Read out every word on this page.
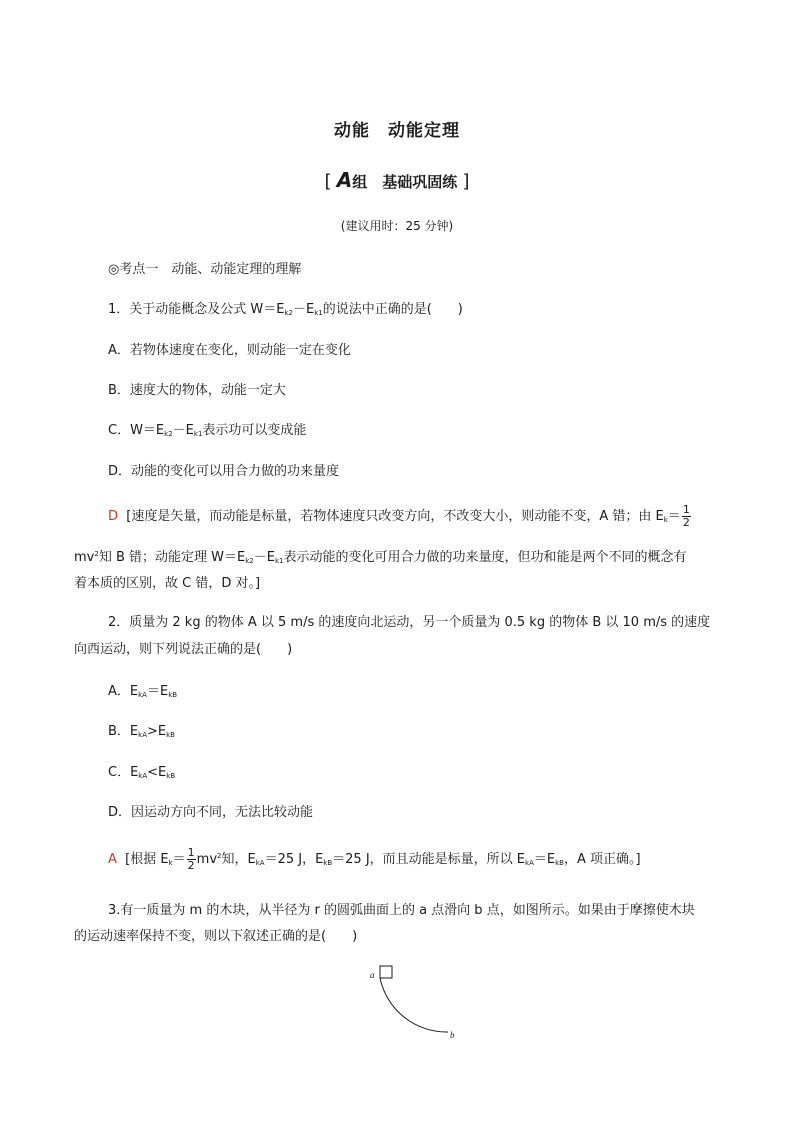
动能　动能定理
[ A组　基础巩固练 ]
(建议用时：25 分钟)
◎考点一　动能、动能定理的理解
1．关于动能概念及公式 $W=E_{k2}-E_{k1}$的说法中正确的是(　　)
A．若物体速度在变化，则动能一定在变化
B．速度大的物体，动能一定大
C．$W=E_{k2}-E_{k1}$表示功可以变成能
D．动能的变化可以用合力做的功来量度
D [速度是矢量，而动能是标量，若物体速度只改变方向，不改变大小，则动能不变，A 错；由 $E_k= \frac{1}{2}$
$mv^2$知 B 错；动能定理 $W=E_{k2}-E_{k1}$表示动能的变化可用合力做的功来量度，但功和能是两个不同的概念有
着本质的区别，故 C 错，D 对。]
2．质量为 2 kg 的物体 A 以 5 m/s 的速度向北运动，另一个质量为 0.5 kg 的物体 B 以 10 m/s 的速度
向西运动，则下列说法正确的是(　　)
A．$E_{kA}=E_{kB}$
B．$E_{kA}>E_{kB}$
C．$E_{kA}<E_{kB}$
D．因运动方向不同，无法比较动能
A [根据 $E_k= \frac{1}{2} mv^2$知，$E_{kA}=25$ J，$E_{kB}=25$ J，而且动能是标量，所以 $E_{kA}=E_{kB}$，A 项正确。]
3.有一质量为 m 的木块，从半径为 r 的圆弧曲面上的 a 点滑向 b 点，如图所示。如果由于摩擦使木块
的运动速率保持不变，则以下叙述正确的是(　　)
a
b
